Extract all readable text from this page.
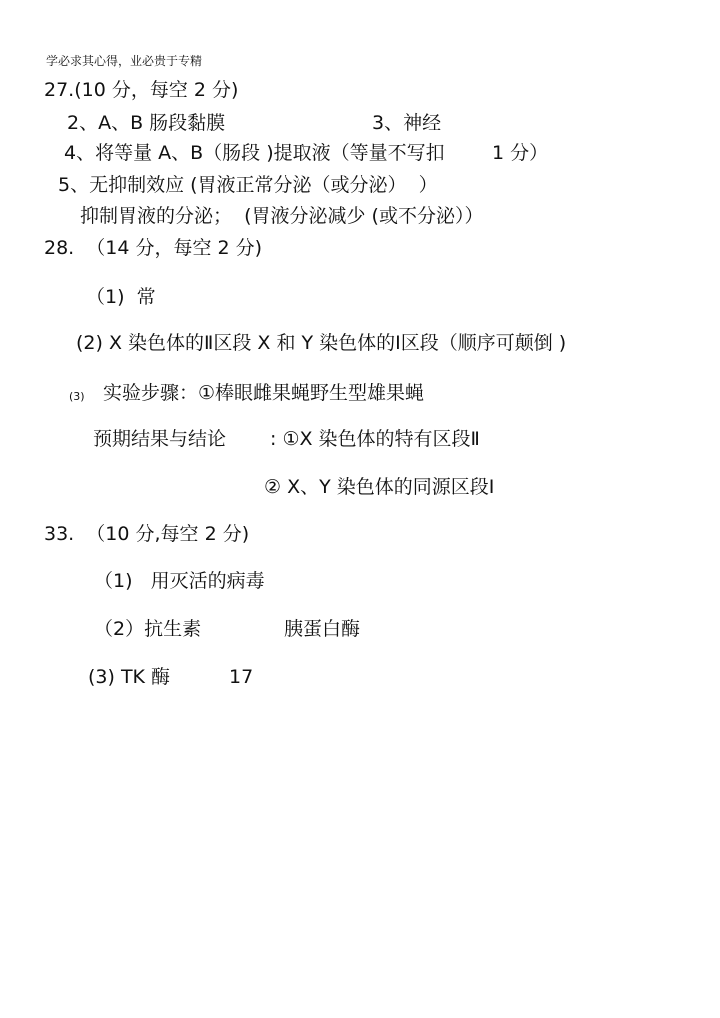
学必求其心得，业必贵于专精
27.(10 分，每空 2 分)
2、A、B 肠段黏膜	3、神经
4、将等量 A、B（肠段 )提取液（等量不写扣 1 分）
5、无抑制效应 (胃液正常分泌（或分泌）  ）
抑制胃液的分泌；  (胃液分泌减少 (或不分泌））
28.  （14 分，每空 2 分)
（1)  常
(2) X 染色体的Ⅱ区段 X 和 Y 染色体的Ⅰ区段（顺序可颠倒 )
(3) 实验步骤：①棒眼雌果蝇野生型雄果蝇
预期结果与结论 : ①X 染色体的特有区段Ⅱ
② X、Y 染色体的同源区段Ⅰ
33.  （10 分,每空 2 分)
（1)   用灭活的病毒
（2）抗生素	胰蛋白酶
(3) TK 酶	17
